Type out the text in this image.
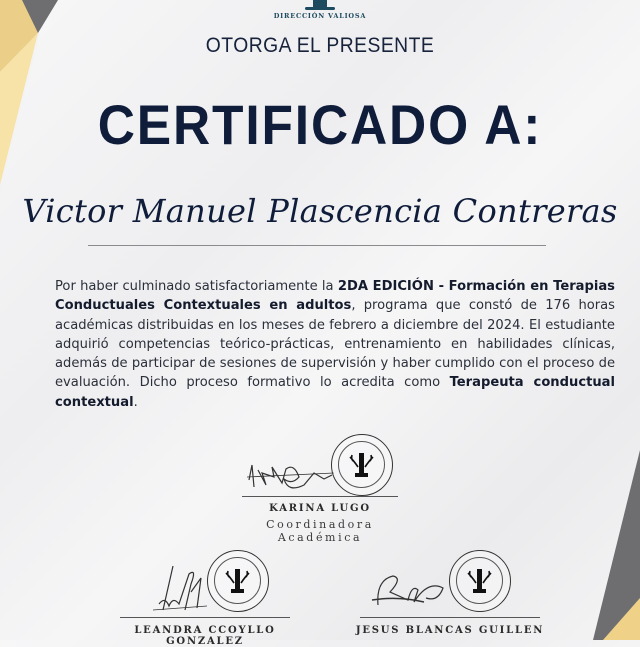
DIRECCIÓN VALIOSA
OTORGA EL PRESENTE
CERTIFICADO A:
Victor Manuel Plascencia Contreras
Por haber culminado satisfactoriamente la 2DA EDICIÓN - Formación en Terapias Conductuales Contextuales en adultos, programa que constó de 176 horas académicas distribuidas en los meses de febrero a diciembre del 2024. El estudiante adquirió competencias teórico-prácticas, entrenamiento en habilidades clínicas, además de participar de sesiones de supervisión y haber cumplido con el proceso de evaluación. Dicho proceso formativo lo acredita como Terapeuta conductual contextual.
KARINA LUGO
Coordinadora Académica
LEANDRA CCOYLLO GONZALEZ
JESUS BLANCAS GUILLEN
